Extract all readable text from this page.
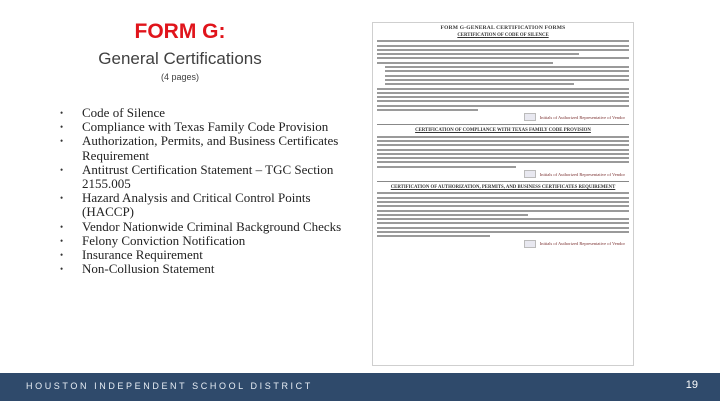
FORM G:
General Certifications
(4 pages)
• Code of Silence
• Compliance with Texas Family Code Provision
• Authorization, Permits, and Business Certificates Requirement
• Antitrust Certification Statement – TGC Section 2155.005
• Hazard Analysis and Critical Control Points (HACCP)
• Vendor Nationwide Criminal Background Checks
• Felony Conviction Notification
• Insurance Requirement
• Non-Collusion Statement
FORM G-GENERAL CERTIFICATION FORMS
CERTIFICATION OF CODE OF SILENCE
Initials of Authorized Representative of Vendor
CERTIFICATION OF COMPLIANCE WITH TEXAS FAMILY CODE PROVISION
Initials of Authorized Representative of Vendor
CERTIFICATION OF AUTHORIZATION, PERMITS, AND BUSINESS CERTIFICATES REQUIREMENT
Initials of Authorized Representative of Vendor
HOUSTON INDEPENDENT SCHOOL DISTRICT	19
